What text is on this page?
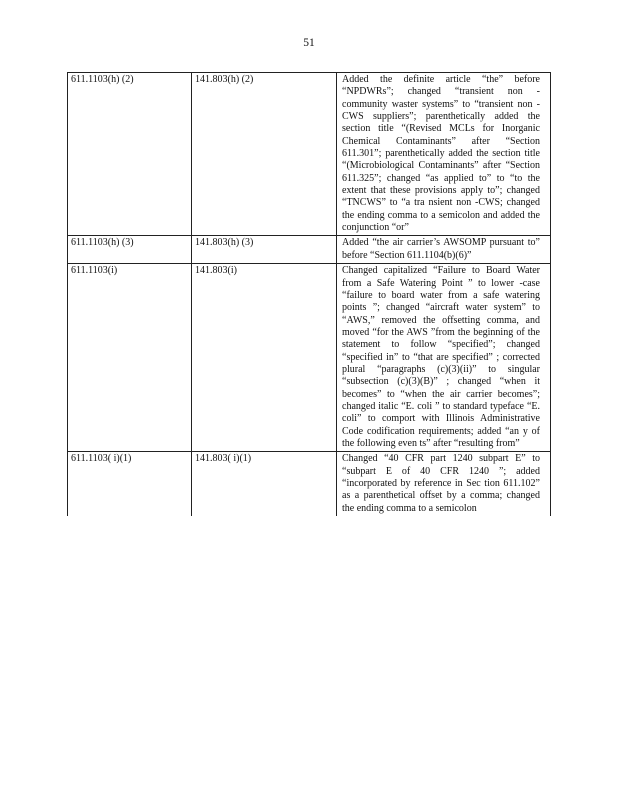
51
611.1103(h) (2)	141.803(h) (2)	Added the definite article “the” before “NPDWRs”; changed “transient non - community waster systems” to “transient non -CWS suppliers”; parenthetically added the section title “(Revised MCLs for Inorganic Chemical Contaminants” after “Section 611.301”; parenthetically added the section title “(Microbiological Contaminants” after “Section 611.325”; changed “as applied to” to “to the extent that these provisions apply to”; changed “TNCWS” to “a tra nsient non -CWS; changed the ending comma to a semicolon and added the conjunction “or”
611.1103(h) (3)	141.803(h) (3)	Added “the air carrier’s AWSOMP pursuant to” before “Section 611.1104(b)(6)”
611.1103(i)	141.803(i)	Changed capitalized “Failure to Board Water from a Safe Watering Point ” to lower -case “failure to board water from a safe watering points ”; changed “aircraft water system” to “AWS,” removed the offsetting comma, and moved “for the AWS ”from the beginning of the statement to follow “specified”; changed “specified in” to “that are specified” ; corrected plural “paragraphs (c)(3)(ii)” to singular “subsection (c)(3)(B)” ; changed “when it becomes” to “when the air carrier becomes”; changed italic “E. coli ” to standard typeface “E. coli” to comport with Illinois Administrative Code codification requirements; added “an y of the following even ts” after “resulting from”
611.1103( i)(1)	141.803( i)(1)	Changed “40 CFR part 1240 subpart E” to “subpart E of 40 CFR 1240 ”; added “incorporated by reference in Sec tion 611.102” as a parenthetical offset by a comma; changed the ending comma to a semicolon
